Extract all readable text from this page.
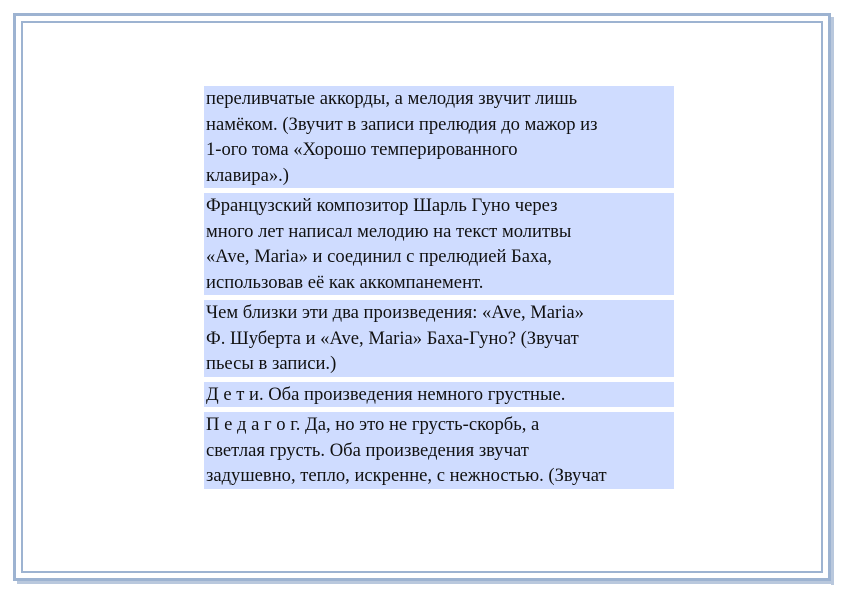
переливчатые аккорды, а мелодия звучит лишь
намёком. (Звучит в записи прелюдия до мажор из
1-ого тома «Хорошо темперированного
клавира».)

Французский композитор Шарль Гуно через
много лет написал мелодию на текст молитвы
«Ave, Maria» и соединил с прелюдией Баха,
использовав её как аккомпанемент.

Чем близки эти два произведения: «Ave, Maria»
Ф. Шуберта и «Ave, Maria» Баха-Гуно? (Звучат
пьесы в записи.)

Д е т и. Оба произведения немного грустные.

П е д а г о г. Да, но это не грусть-скорбь, а
светлая грусть. Оба произведения звучат
задушевно, тепло, искренне, с нежностью. (Звучат
